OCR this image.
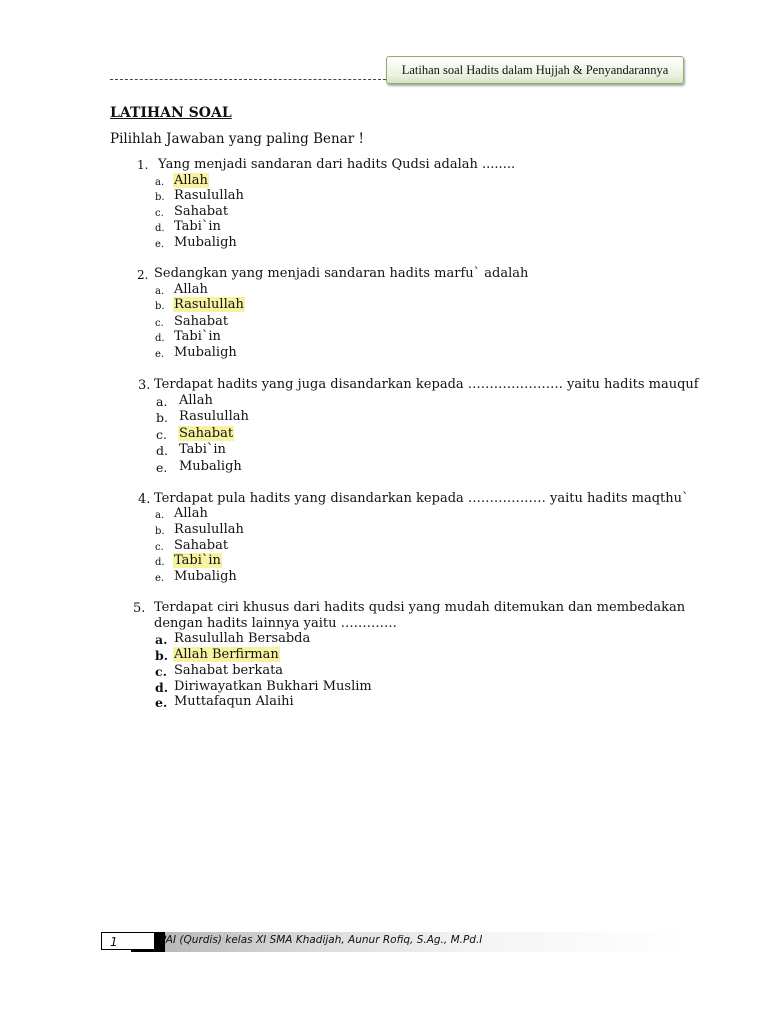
Latihan soal Hadits dalam Hujjah & Penyandarannya
LATIHAN SOAL
Pilihlah Jawaban yang paling Benar !
1. Yang menjadi sandaran dari hadits Qudsi adalah ........
a. Allah
b. Rasulullah
c. Sahabat
d. Tabi`in
e. Mubaligh
2. Sedangkan yang menjadi sandaran hadits marfu` adalah
a. Allah
b. Rasulullah
c. Sahabat
d. Tabi`in
e. Mubaligh
3. Terdapat hadits yang juga disandarkan kepada …………………. yaitu hadits mauquf
a. Allah
b. Rasulullah
c. Sahabat
d. Tabi`in
e. Mubaligh
4. Terdapat pula hadits yang disandarkan kepada ……………… yaitu hadits maqthu`
a. Allah
b. Rasulullah
c. Sahabat
d. Tabi`in
e. Mubaligh
5. Terdapat ciri khusus dari hadits qudsi yang mudah ditemukan dan membedakan
dengan hadits lainnya yaitu ………….
a. Rasulullah Bersabda
b. Allah Berfirman
c. Sahabat berkata
d. Diriwayatkan Bukhari Muslim
e. Muttafaqun Alaihi
1	PAI (Qurdis) kelas XI SMA Khadijah, Aunur Rofiq, S.Ag., M.Pd.I
